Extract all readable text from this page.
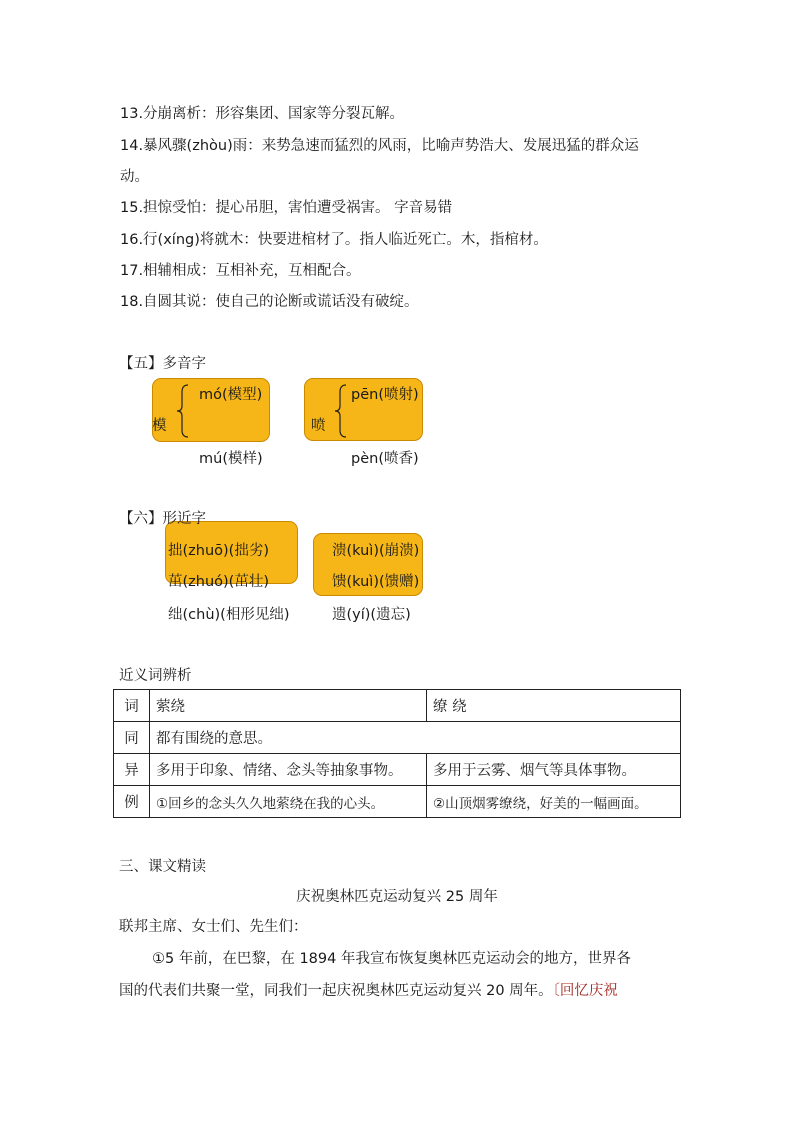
13.分崩离析：形容集团、国家等分裂瓦解。
14.暴风骤(zhòu)雨：来势急速而猛烈的风雨，比喻声势浩大、发展迅猛的群众运
动。
15.担惊受怕：提心吊胆，害怕遭受祸害。 字音易错
16.行(xíng)将就木：快要进棺材了。指人临近死亡。木，指棺材。
17.相辅相成：互相补充，互相配合。
18.自圆其说：使自己的论断或谎话没有破绽。
【五】多音字
模
mó(模型)
mú(模样)
喷
pēn(喷射)
pèn(喷香)
【六】形近字
拙(zhuō)(拙劣)
茁(zhuó)(茁壮)
绌(chù)(相形见绌)
溃(kuì)(崩溃)
馈(kuì)(馈赠)
遗(yí)(遗忘)
近义词辨析
词	萦绕	缭 绕
同	都有围绕的意思。	
异	多用于印象、情绪、念头等抽象事物。	多用于云雾、烟气等具体事物。
例	①回乡的念头久久地萦绕在我的心头。	②山顶烟雾缭绕，好美的一幅画面。
三、课文精读
庆祝奥林匹克运动复兴 25 周年
联邦主席、女士们、先生们：
①5 年前，在巴黎，在 1894 年我宣布恢复奥林匹克运动会的地方，世界各
国的代表们共聚一堂，同我们一起庆祝奥林匹克运动复兴 20 周年。〔回忆庆祝
